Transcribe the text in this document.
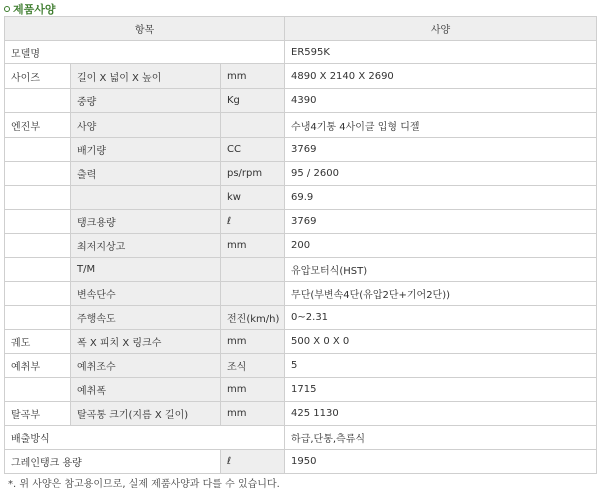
제품사양
항목			사양
모델명			ER595K
사이즈	길이 X 넓이 X 높이	mm	4890 X 2140 X 2690
	중량	Kg	4390
엔진부	사양		수냉4기통 4사이클 입형 디젤
	배기량	CC	3769
	출력	ps/rpm	95 / 2600
		kw	69.9
	탱크용량	ℓ	3769
	최저지상고	mm	200
	T/M		유압모터식(HST)
	변속단수		무단(부변속4단(유압2단+기어2단))
	주행속도	전진(km/h)	0~2.31
궤도	폭 X 피치 X 링크수	mm	500 X 0 X 0
예취부	예취조수	조식	5
	예취폭	mm	1715
탈곡부	탈곡통 크기(지름 X 길이)	mm	425 1130
배출방식			하급,단통,측류식
그레인탱크 용량		ℓ	1950
*. 위 사양은 참고용이므로, 실제 제품사양과 다를 수 있습니다.
